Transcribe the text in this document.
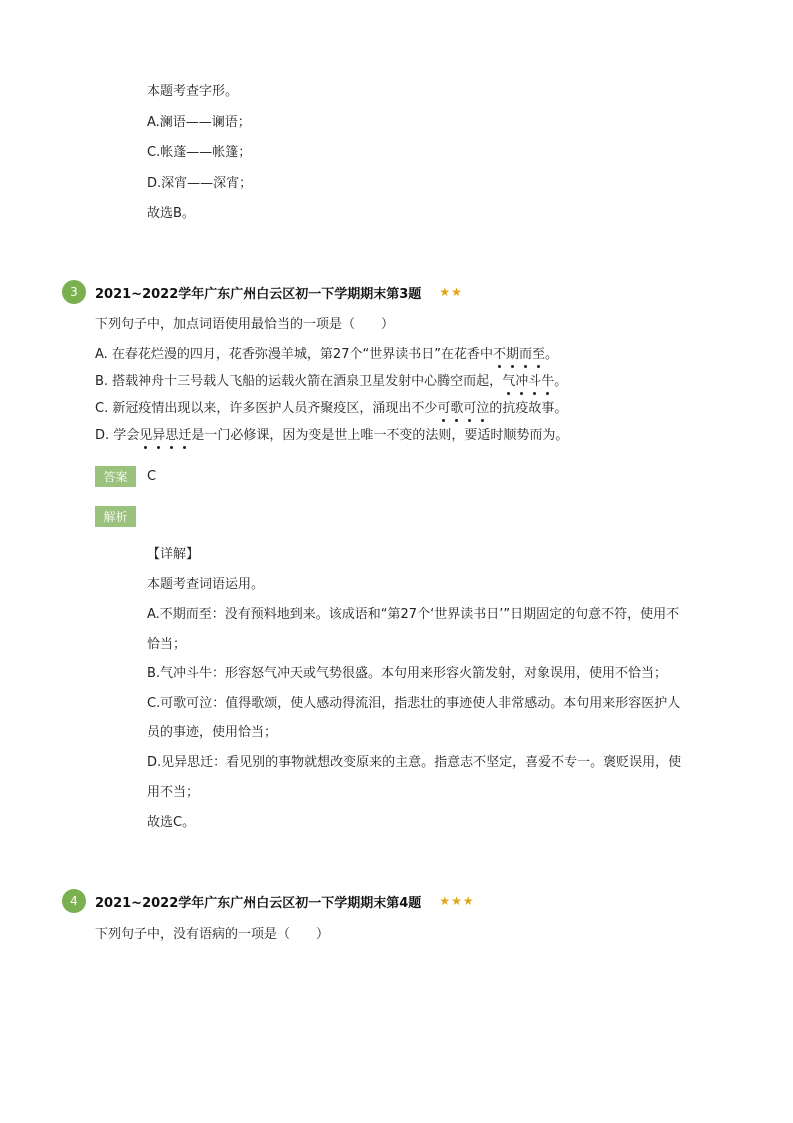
本题考查字形。
A.澜语——谰语；
C.帐蓬——帐篷；
D.深宵——深宵；
故选B。
3	2021~2022学年广东广州白云区初一下学期期末第3题 ★★
下列句子中，加点词语使用最恰当的一项是（　　）
A. 在春花烂漫的四月，花香弥漫羊城，第27个“世界读书日”在花香中不期而至。
B. 搭载神舟十三号载人飞船的运载火箭在酒泉卫星发射中心腾空而起，气冲斗牛。
C. 新冠疫情出现以来，许多医护人员齐聚疫区，涌现出不少可歌可泣的抗疫故事。
D. 学会见异思迁是一门必修课，因为变是世上唯一不变的法则，要适时顺势而为。
答案	C
解析
【详解】
本题考查词语运用。
A.不期而至：没有预料地到来。该成语和“第27个‘世界读书日’”日期固定的句意不符，使用不
恰当；
B.气冲斗牛：形容怒气冲天或气势很盛。本句用来形容火箭发射，对象误用，使用不恰当；
C.可歌可泣：值得歌颂，使人感动得流泪，指悲壮的事迹使人非常感动。本句用来形容医护人
员的事迹，使用恰当；
D.见异思迁：看见别的事物就想改变原来的主意。指意志不坚定，喜爱不专一。褒贬误用，使
用不当；
故选C。
4	2021~2022学年广东广州白云区初一下学期期末第4题 ★★★
下列句子中，没有语病的一项是（　　）
